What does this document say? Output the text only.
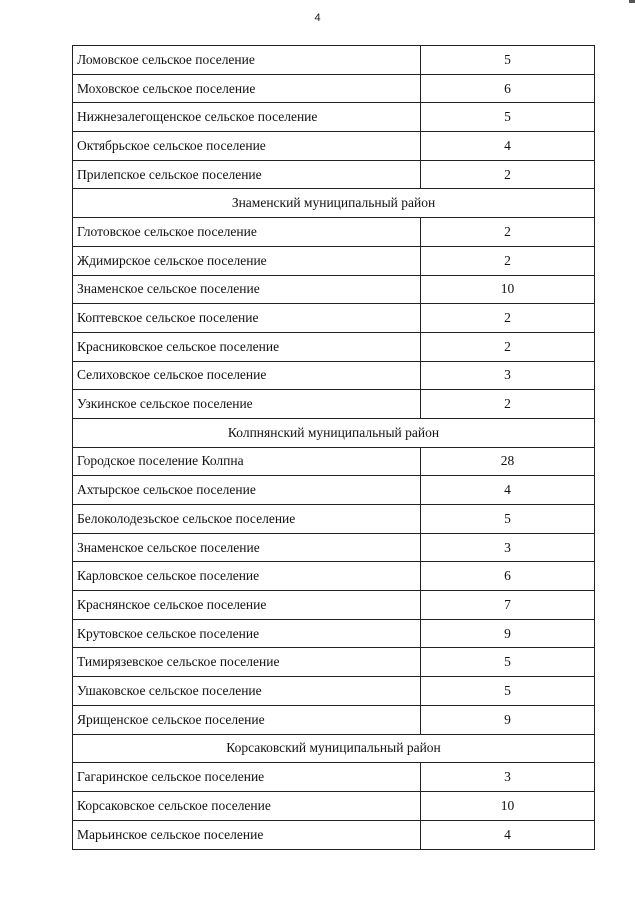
4
Ломовское сельское поселение	5
Моховское сельское поселение	6
Нижнезалегощенское сельское поселение	5
Октябрьское сельское поселение	4
Прилепское сельское поселение	2
Знаменский муниципальный район
Глотовское сельское поселение	2
Ждимирское сельское поселение	2
Знаменское сельское поселение	10
Коптевское сельское поселение	2
Красниковское сельское поселение	2
Селиховское сельское поселение	3
Узкинское сельское поселение	2
Колпнянский муниципальный район
Городское поселение Колпна	28
Ахтырское сельское поселение	4
Белоколодезьское сельское поселение	5
Знаменское сельское поселение	3
Карловское сельское поселение	6
Краснянское сельское поселение	7
Крутовское сельское поселение	9
Тимирязевское сельское поселение	5
Ушаковское сельское поселение	5
Ярищенское сельское поселение	9
Корсаковский муниципальный район
Гагаринское сельское поселение	3
Корсаковское сельское поселение	10
Марьинское сельское поселение	4
